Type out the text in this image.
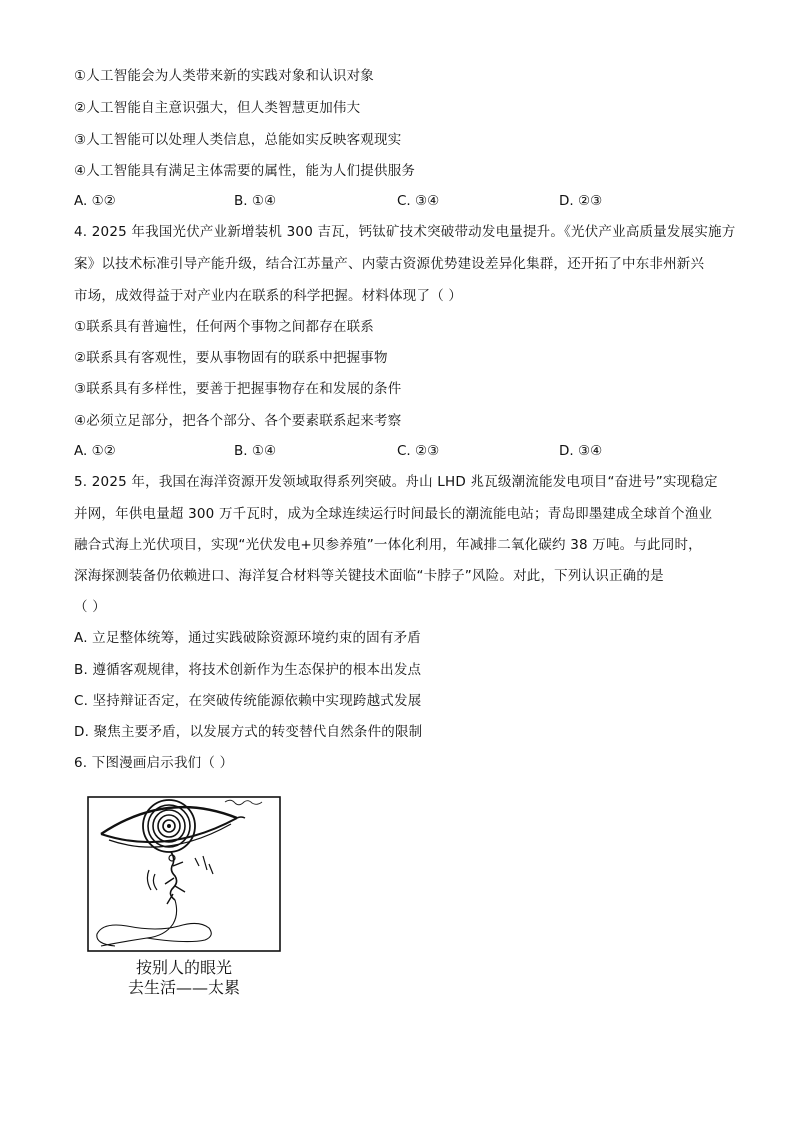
①人工智能会为人类带来新的实践对象和认识对象
②人工智能自主意识强大，但人类智慧更加伟大
③人工智能可以处理人类信息，总能如实反映客观现实
④人工智能具有满足主体需要的属性，能为人们提供服务
A. ①②	B. ①④	C. ③④	D. ②③
4. 2025 年我国光伏产业新增装机 300 吉瓦，钙钛矿技术突破带动发电量提升。《光伏产业高质量发展实施方
案》以技术标准引导产能升级，结合江苏量产、内蒙古资源优势建设差异化集群，还开拓了中东非州新兴
市场，成效得益于对产业内在联系的科学把握。材料体现了（ ）
①联系具有普遍性，任何两个事物之间都存在联系
②联系具有客观性，要从事物固有的联系中把握事物
③联系具有多样性，要善于把握事物存在和发展的条件
④必须立足部分，把各个部分、各个要素联系起来考察
A. ①②	B. ①④	C. ②③	D. ③④
5. 2025 年，我国在海洋资源开发领域取得系列突破。舟山 LHD 兆瓦级潮流能发电项目“奋进号”实现稳定
并网，年供电量超 300 万千瓦时，成为全球连续运行时间最长的潮流能电站；青岛即墨建成全球首个渔业
融合式海上光伏项目，实现“光伏发电+贝参养殖”一体化利用，年减排二氧化碳约 38 万吨。与此同时，
深海探测装备仍依赖进口、海洋复合材料等关键技术面临“卡脖子”风险。对此，下列认识正确的是
（ ）
A. 立足整体统筹，通过实践破除资源环境约束的固有矛盾
B. 遵循客观规律，将技术创新作为生态保护的根本出发点
C. 坚持辩证否定，在突破传统能源依赖中实现跨越式发展
D. 聚焦主要矛盾，以发展方式的转变替代自然条件的限制
6. 下图漫画启示我们（ ）
按别人的眼光
去生活——太累
